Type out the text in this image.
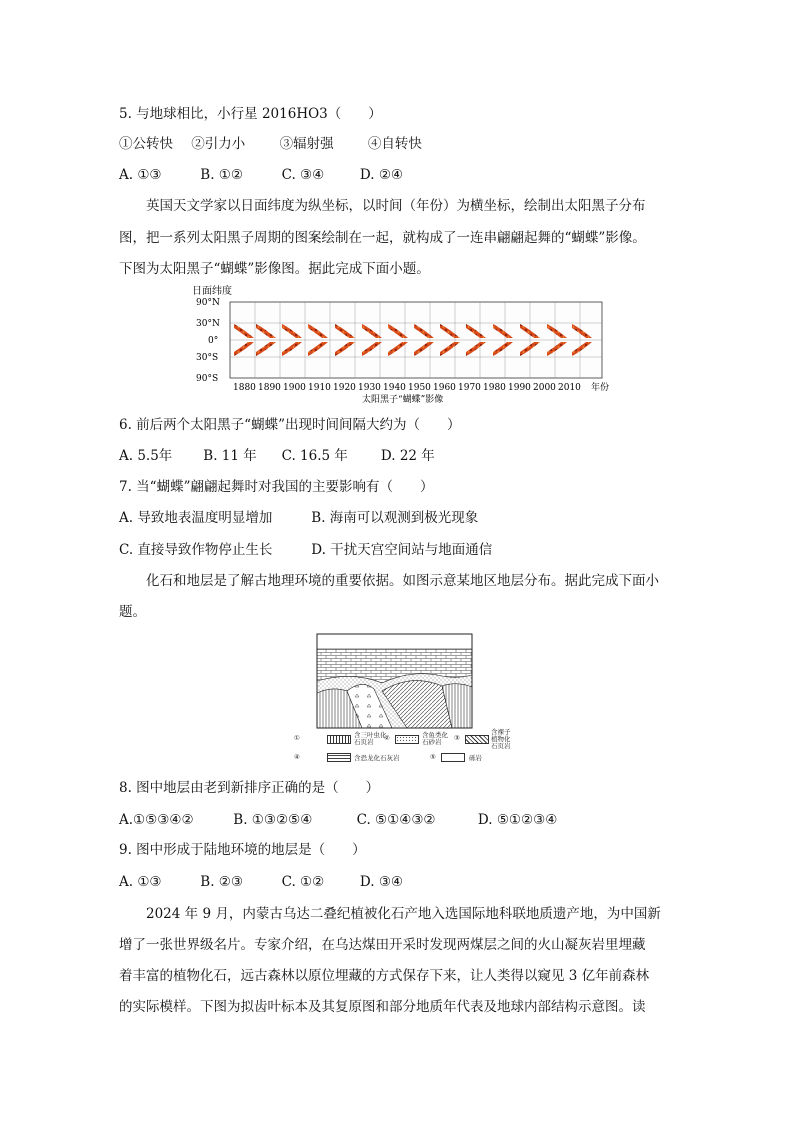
5. 与地球相比，小行星 2016HO3（　　）
①公转快 ②引力小	③辐射强	④自转快
A. ①③	B. ①②	C. ③④	D. ②④
英国天文学家以日面纬度为纵坐标，以时间（年份）为横坐标，绘制出太阳黑子分布
图，把一系列太阳黑子周期的图案绘制在一起，就构成了一连串翩翩起舞的“蝴蝶”影像。
下图为太阳黑子“蝴蝶”影像图。据此完成下面小题。
日面纬度
90°N
30°N
0°
30°S
90°S
1880 1890 1900 1910 1920 1930 1940 1950 1960 1970 1980 1990 2000 2010 年份
太阳黑子“蝴蝶”影像
6. 前后两个太阳黑子“蝴蝶”出现时间间隔大约为（　　）
A. 5.5年 B. 11 年 C. 16.5 年 D. 22 年
7. 当“蝴蝶”翩翩起舞时对我国的主要影响有（　　）
A. 导致地表温度明显增加	B. 海南可以观测到极光现象
C. 直接导致作物停止生长	D. 干扰天宫空间站与地面通信
化石和地层是了解古地理环境的重要依据。如图示意某地区地层分布。据此完成下面小
题。
①	含三叶虫化石页岩	②	含鱼类化石砂岩	③
含裸子植物化石页岩
④	含恐龙化石灰岩	⑤	砾岩
8. 图中地层由老到新排序正确的是（　　）
A.①⑤③④②	B. ①③②⑤④	C. ⑤①④③②	D. ⑤①②③④
9. 图中形成于陆地环境的地层是（　　）
A. ①③	B. ②③	C. ①②	D. ③④
2024 年 9 月，内蒙古乌达二叠纪植被化石产地入选国际地科联地质遗产地，为中国新
增了一张世界级名片。专家介绍，在乌达煤田开采时发现两煤层之间的火山凝灰岩里埋藏
着丰富的植物化石，远古森林以原位埋藏的方式保存下来，让人类得以窥见 3 亿年前森林
的实际模样。下图为拟齿叶标本及其复原图和部分地质年代表及地球内部结构示意图。读
